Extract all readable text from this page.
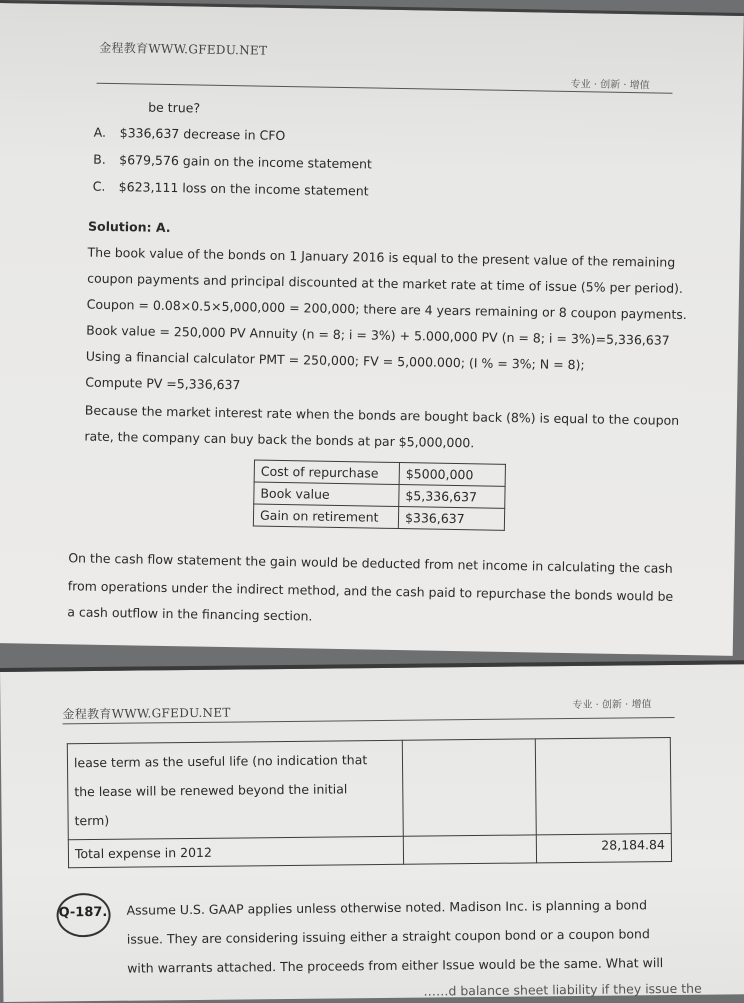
金程教育WWW.GFEDU.NET
专业 · 创新 · 增值
be true?
A. $336,637 decrease in CFO
B. $679,576 gain on the income statement
C. $623,111 loss on the income statement
Solution: A.
The book value of the bonds on 1 January 2016 is equal to the present value of the remaining
coupon payments and principal discounted at the market rate at time of issue (5% per period).
Coupon = 0.08×0.5×5,000,000 = 200,000; there are 4 years remaining or 8 coupon payments.
Book value = 250,000 PV Annuity (n = 8; i = 3%) + 5.000,000 PV (n = 8; i = 3%)=5,336,637
Using a financial calculator PMT = 250,000; FV = 5,000.000; (I % = 3%; N = 8);
Compute PV =5,336,637
Because the market interest rate when the bonds are bought back (8%) is equal to the coupon
rate, the company can buy back the bonds at par $5,000,000.
Cost of repurchase	$5000,000
Book value	$5,336,637
Gain on retirement	$336,637
On the cash flow statement the gain would be deducted from net income in calculating the cash
from operations under the indirect method, and the cash paid to repurchase the bonds would be
a cash outflow in the financing section.
金程教育WWW.GFEDU.NET
专业 · 创新 · 增值
lease term as the useful life (no indication that
the lease will be renewed beyond the initial
term)		

Total expense in 2012		28,184.84
Q-187. Assume U.S. GAAP applies unless otherwise noted. Madison Inc. is planning a bond
issue. They are considering issuing either a straight coupon bond or a coupon bond
with warrants attached. The proceeds from either Issue would be the same. What will
……d balance sheet liability if they issue the
